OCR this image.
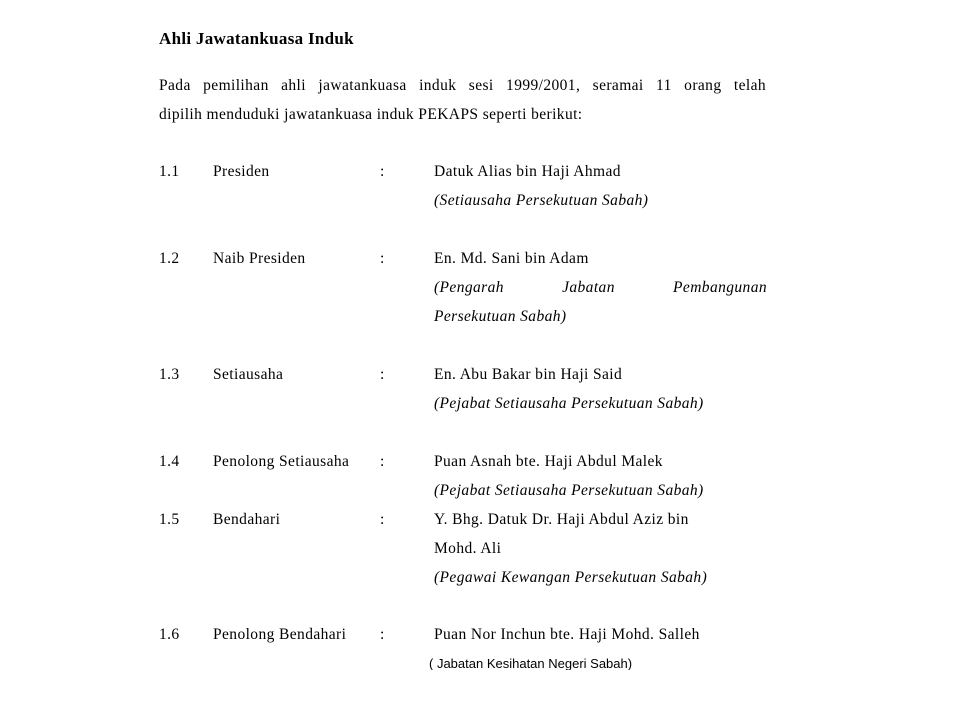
Ahli Jawatankuasa Induk
Pada pemilihan ahli jawatankuasa induk sesi 1999/2001, seramai 11 orang telah
dipilih menduduki jawatankuasa induk PEKAPS seperti berikut:
1.1 Presiden	:	Datuk Alias bin Haji Ahmad
(Setiausaha Persekutuan Sabah)
1.2 Naib Presiden	:	En. Md. Sani bin Adam
(Pengarah Jabatan Pembangunan
Persekutuan Sabah)
1.3 Setiausaha	:	En. Abu Bakar bin Haji Said
(Pejabat Setiausaha Persekutuan Sabah)
1.4 Penolong Setiausaha :	Puan Asnah bte. Haji Abdul Malek
(Pejabat Setiausaha Persekutuan Sabah)
1.5 Bendahari	:	Y. Bhg. Datuk Dr. Haji Abdul Aziz bin
Mohd. Ali
(Pegawai Kewangan Persekutuan Sabah)
1.6 Penolong Bendahari :	Puan Nor Inchun bte. Haji Mohd. Salleh
( Jabatan Kesihatan Negeri Sabah)
